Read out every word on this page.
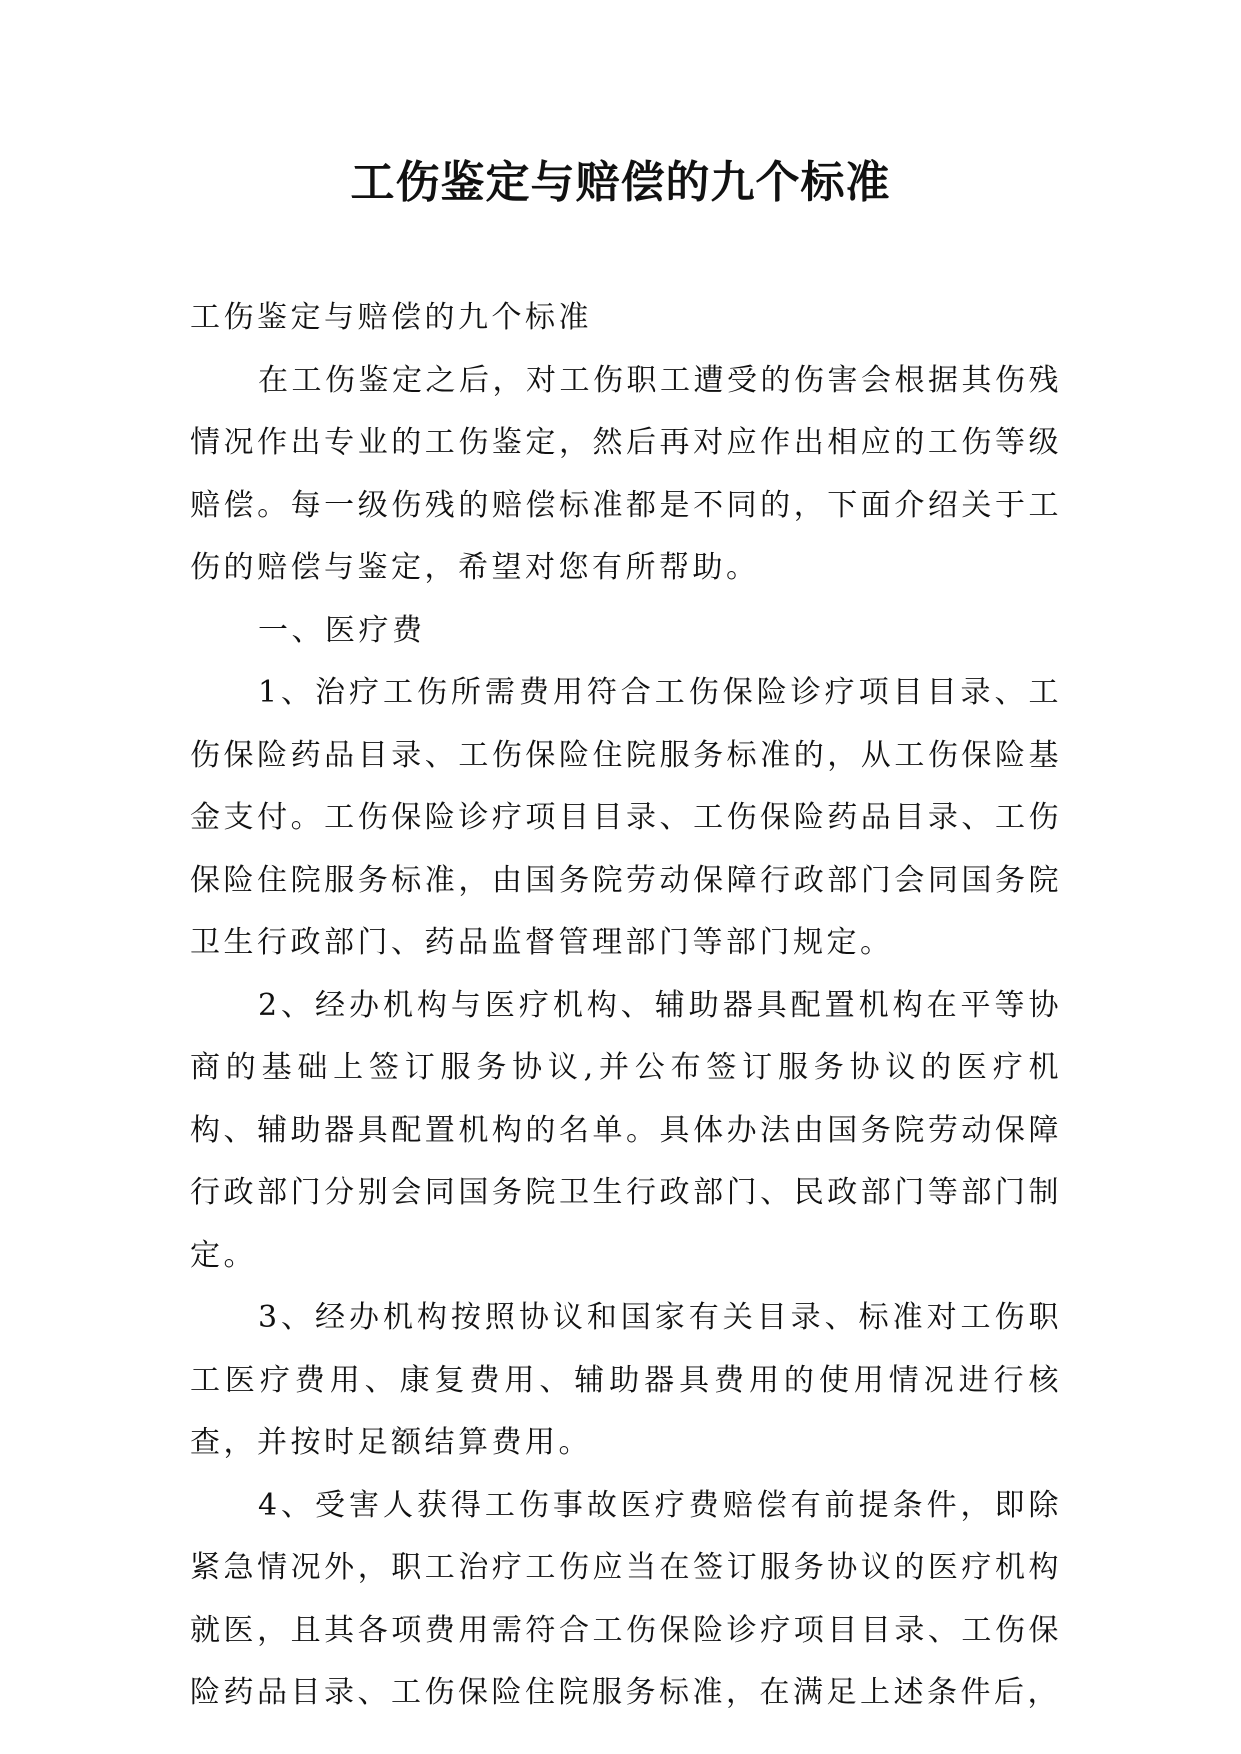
工伤鉴定与赔偿的九个标准

工伤鉴定与赔偿的九个标准

在工伤鉴定之后，对工伤职工遭受的伤害会根据其伤残情况作出专业的工伤鉴定，然后再对应作出相应的工伤等级赔偿。每一级伤残的赔偿标准都是不同的，下面介绍关于工伤的赔偿与鉴定，希望对您有所帮助。

一、医疗费

1、治疗工伤所需费用符合工伤保险诊疗项目目录、工伤保险药品目录、工伤保险住院服务标准的，从工伤保险基金支付。工伤保险诊疗项目目录、工伤保险药品目录、工伤保险住院服务标准，由国务院劳动保障行政部门会同国务院卫生行政部门、药品监督管理部门等部门规定。

2、经办机构与医疗机构、辅助器具配置机构在平等协商的基础上签订服务协议,并公布签订服务协议的医疗机构、辅助器具配置机构的名单。具体办法由国务院劳动保障行政部门分别会同国务院卫生行政部门、民政部门等部门制定。

3、经办机构按照协议和国家有关目录、标准对工伤职工医疗费用、康复费用、辅助器具费用的使用情况进行核查，并按时足额结算费用。

4、受害人获得工伤事故医疗费赔偿有前提条件，即除紧急情况外，职工治疗工伤应当在签订服务协议的医疗机构就医，且其各项费用需符合工伤保险诊疗项目目录、工伤保险药品目录、工伤保险住院服务标准，在满足上述条件后，
